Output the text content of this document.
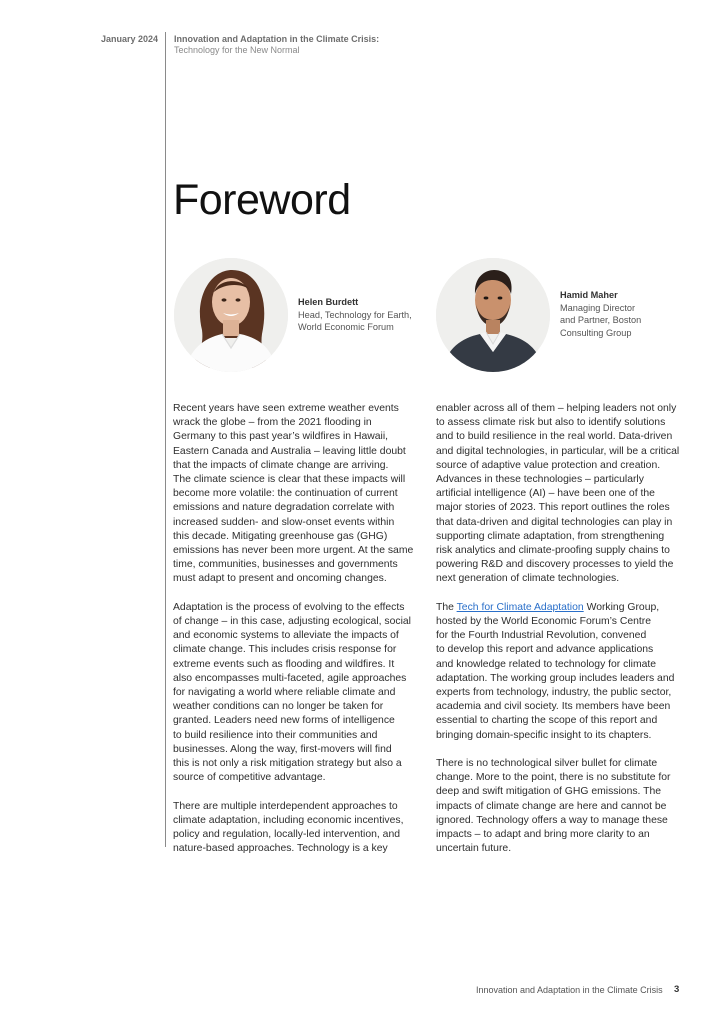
January 2024 Innovation and Adaptation in the Climate Crisis:
Technology for the New Normal
Foreword
Helen Burdett
Head, Technology for Earth,
World Economic Forum
Hamid Maher
Managing Director
and Partner, Boston
Consulting Group
Recent years have seen extreme weather events
wrack the globe – from the 2021 flooding in
Germany to this past year’s wildfires in Hawaii,
Eastern Canada and Australia – leaving little doubt
that the impacts of climate change are arriving.
The climate science is clear that these impacts will
become more volatile: the continuation of current
emissions and nature degradation correlate with
increased sudden- and slow-onset events within
this decade. Mitigating greenhouse gas (GHG)
emissions has never been more urgent. At the same
time, communities, businesses and governments
must adapt to present and oncoming changes.
Adaptation is the process of evolving to the effects
of change – in this case, adjusting ecological, social
and economic systems to alleviate the impacts of
climate change. This includes crisis response for
extreme events such as flooding and wildfires. It
also encompasses multi-faceted, agile approaches
for navigating a world where reliable climate and
weather conditions can no longer be taken for
granted. Leaders need new forms of intelligence
to build resilience into their communities and
businesses. Along the way, first-movers will find
this is not only a risk mitigation strategy but also a
source of competitive advantage.
There are multiple interdependent approaches to
climate adaptation, including economic incentives,
policy and regulation, locally-led intervention, and
nature-based approaches. Technology is a key
enabler across all of them – helping leaders not only
to assess climate risk but also to identify solutions
and to build resilience in the real world. Data-driven
and digital technologies, in particular, will be a critical
source of adaptive value protection and creation.
Advances in these technologies – particularly
artificial intelligence (AI) – have been one of the
major stories of 2023. This report outlines the roles
that data-driven and digital technologies can play in
supporting climate adaptation, from strengthening
risk analytics and climate-proofing supply chains to
powering R&D and discovery processes to yield the
next generation of climate technologies.
The Tech for Climate Adaptation Working Group,
hosted by the World Economic Forum’s Centre
for the Fourth Industrial Revolution, convened
to develop this report and advance applications
and knowledge related to technology for climate
adaptation. The working group includes leaders and
experts from technology, industry, the public sector,
academia and civil society. Its members have been
essential to charting the scope of this report and
bringing domain-specific insight to its chapters.
There is no technological silver bullet for climate
change. More to the point, there is no substitute for
deep and swift mitigation of GHG emissions. The
impacts of climate change are here and cannot be
ignored. Technology offers a way to manage these
impacts – to adapt and bring more clarity to an
uncertain future.
Innovation and Adaptation in the Climate Crisis 3
